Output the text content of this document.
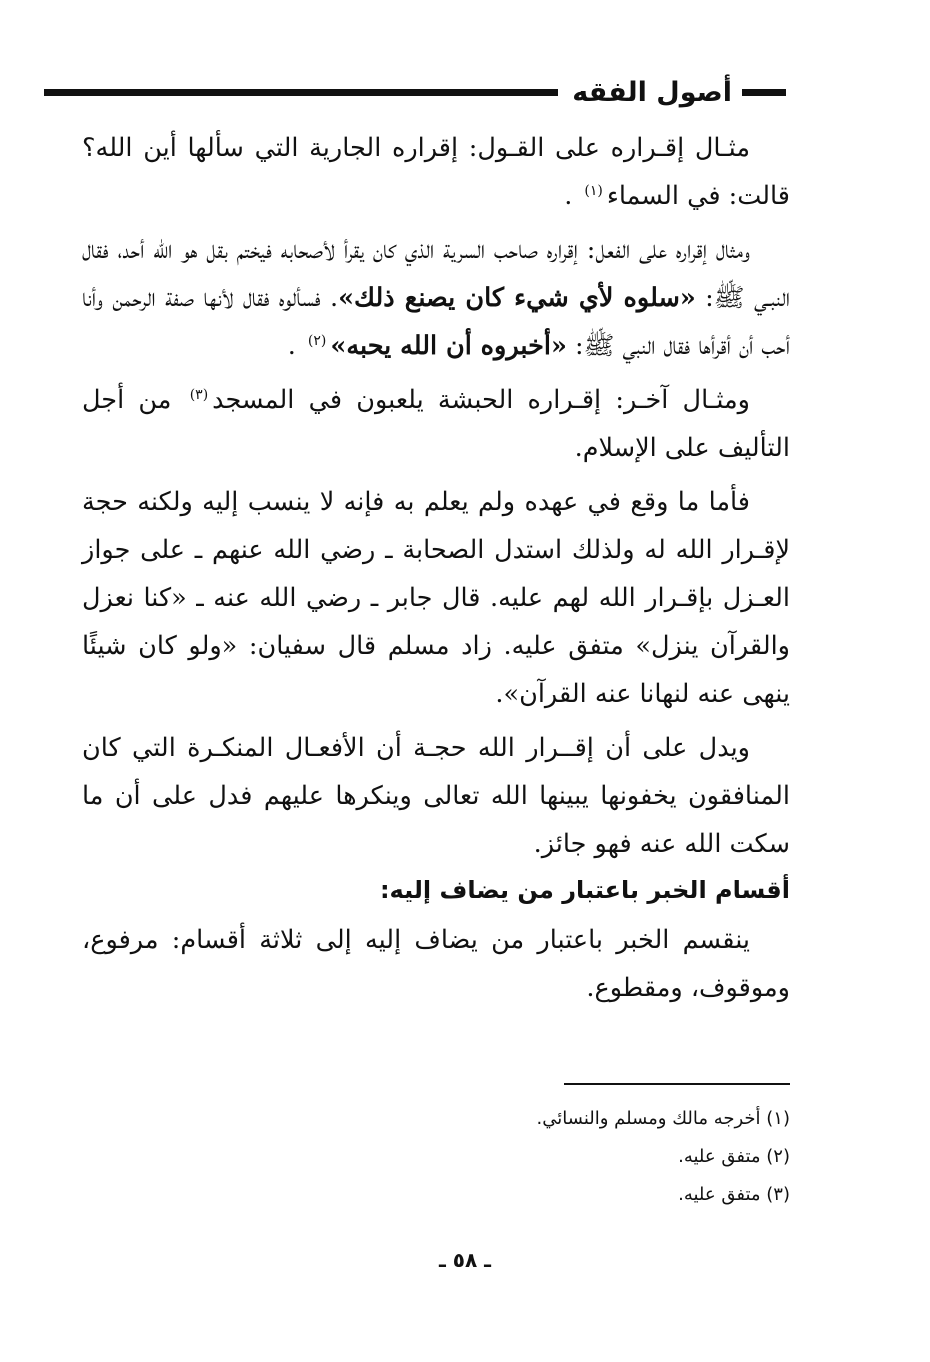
أصول الفقه

مثـال إقـراره على القـول: إقراره الجارية التي سألها أين الله؟ قالت: في السماء$^{(١)}$ .

ومثال إقراره على الفعل: إقراره صاحب السرية الذي كان يقرأ لأصحابه فيختم بقل هو الله أحد، فقال النبـي ﷺ: «سلوه لأي شيء كان يصنع ذلك». فسألوه فقال لأنها صفة الرحمن وأنا أحب أن أقرأها فقال النبي ﷺ: «أخبروه أن الله يحبه»$^{(٢)}$ .

ومثـال آخـر: إقـراره الحبشة يلعبون في المسجد$^{(٣)}$ من أجل التأليف على الإسلام.

فأما ما وقع في عهده ولم يعلم به فإنه لا ينسب إليه ولكنه حجة لإقـرار الله له ولذلك استدل الصحابة ـ رضي الله عنهم ـ على جواز العـزل بإقـرار الله لهم عليه. قال جابر ـ رضي الله عنه ـ «كنا نعزل والقرآن ينزل» متفق عليه. زاد مسلم قال سفيان: «ولو كان شيئًا ينهى عنه لنهانا عنه القرآن».

ويدل على أن إقــرار الله حجـة أن الأفعـال المنكـرة التي كان المنافقون يخفونها يبينها الله تعالى وينكرها عليهم فدل على أن ما سكت الله عنه فهو جائز.

أقسام الخبر باعتبار من يضاف إليه:

ينقسم الخبر باعتبار من يضاف إليه إلى ثلاثة أقسام: مرفوع، وموقوف، ومقطوع.

(١) أخرجه مالك ومسلم والنسائي.

(٢) متفق عليه.

(٣) متفق عليه.

ـ ٥٨ ـ
